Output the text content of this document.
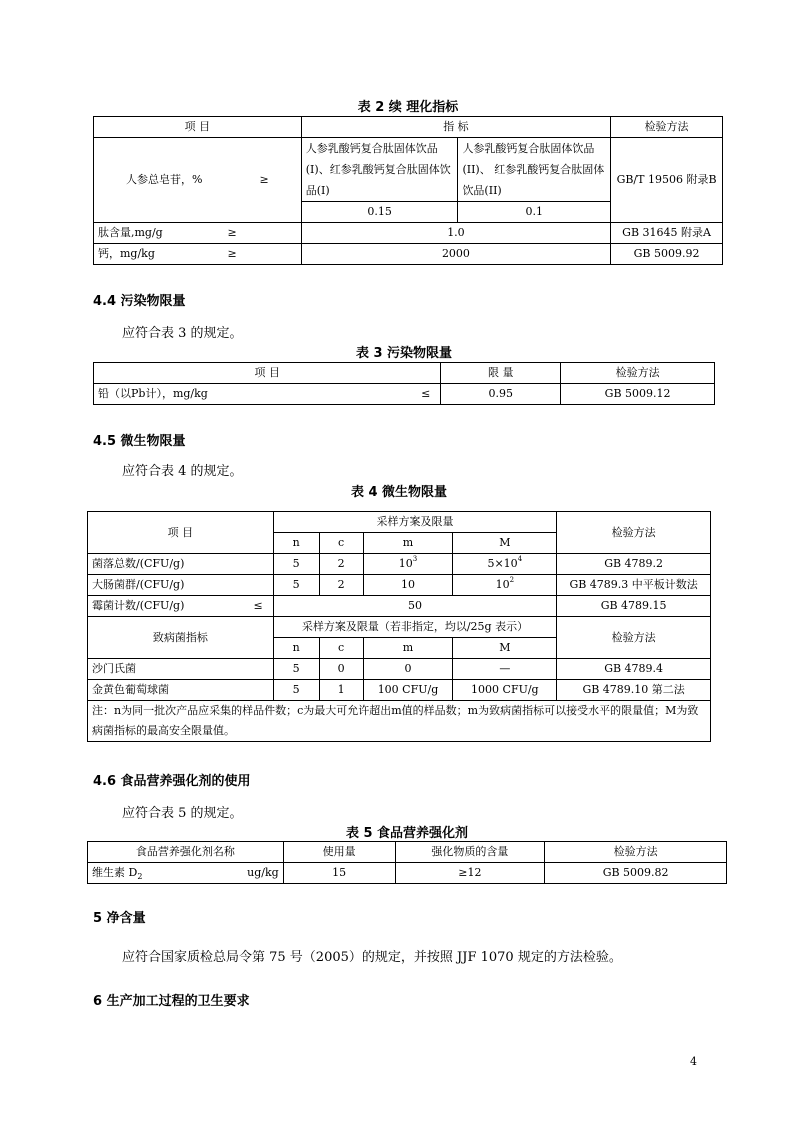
表 2 续 理化指标
项 目	指 标		检验方法

人参总皂苷，% ≥	人参乳酸钙复合肽固体饮品(I)、红参乳酸钙复合肽固体饮品(I)	人参乳酸钙复合肽固体饮品(II)、 红参乳酸钙复合肽固体饮品(II)	GB/T 19506 附录B
	0.15	0.1	

肽含量,mg/g ≥	1.0		GB 31645 附录A

钙，mg/kg ≥	2000		GB 5009.92
4.4 污染物限量
应符合表 3 的规定。
表 3 污染物限量
项 目	限 量	检验方法

铅（以Pb计），mg/kg ≤	0.95	GB 5009.12
4.5 微生物限量
应符合表 4 的规定。
表 4 微生物限量
项 目	采样方案及限量				检验方法
	n	c	m	M	
菌落总数/(CFU/g)	5	2	$10^3$	$5\times 10^4$	GB 4789.2
大肠菌群/(CFU/g)	5	2	10	$10^2$	GB 4789.3 中平板计数法

霉菌计数/(CFU/g) ≤	50				GB 4789.15
致病菌指标	采样方案及限量（若非指定，均以/25g 表示）				检验方法
	n	c	m	M	
沙门氏菌	5	0	0	—	GB 4789.4
金黄色葡萄球菌	5	1	100 CFU/g	1000 CFU/g	GB 4789.10 第二法
注：n为同一批次产品应采集的样品件数；c为最大可允许超出m值的样品数；m为致病菌指标可以接受水平的限量值；M为致病菌指标的最高安全限量值。					
4.6 食品营养强化剂的使用
应符合表 5 的规定。
表 5 食品营养强化剂
食品营养强化剂名称	使用量	强化物质的含量	检验方法

维生素 $D_2$ ug/kg	15	≥12	GB 5009.82
5 净含量
应符合国家质检总局令第 75 号（2005）的规定，并按照 JJF 1070 规定的方法检验。
6 生产加工过程的卫生要求
4
